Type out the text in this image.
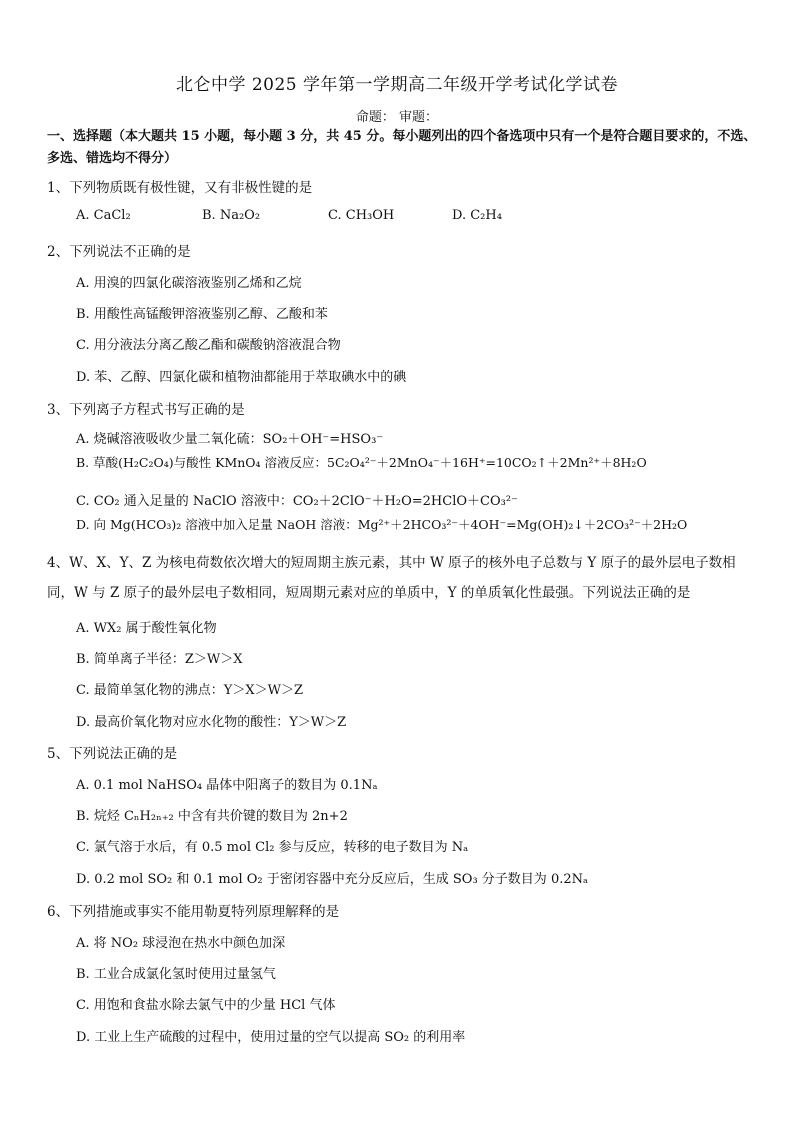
北仑中学 2025 学年第一学期高二年级开学考试化学试卷
命题： 审题：
一、选择题（本大题共 15 小题，每小题 3 分，共 45 分。每小题列出的四个备选项中只有一个是符合题目要求的，不选、多选、错选均不得分）
1、下列物质既有极性键，又有非极性键的是
A. CaCl₂	B. Na₂O₂	C. CH₃OH	D. C₂H₄
2、下列说法不正确的是
A. 用溴的四氯化碳溶液鉴别乙烯和乙烷
B. 用酸性高锰酸钾溶液鉴别乙醇、乙酸和苯
C. 用分液法分离乙酸乙酯和碳酸钠溶液混合物
D. 苯、乙醇、四氯化碳和植物油都能用于萃取碘水中的碘
3、下列离子方程式书写正确的是
A. 烧碱溶液吸收少量二氧化硫：SO₂＋OH⁻=HSO₃⁻
B. 草酸(H₂C₂O₄)与酸性 KMnO₄ 溶液反应：5C₂O₄²⁻＋2MnO₄⁻＋16H⁺=10CO₂↑＋2Mn²⁺＋8H₂O
C. CO₂ 通入足量的 NaClO 溶液中：CO₂＋2ClO⁻＋H₂O=2HClO＋CO₃²⁻
D. 向 Mg(HCO₃)₂ 溶液中加入足量 NaOH 溶液：Mg²⁺＋2HCO₃²⁻＋4OH⁻=Mg(OH)₂↓＋2CO₃²⁻＋2H₂O
4、W、X、Y、Z 为核电荷数依次增大的短周期主族元素，其中 W 原子的核外电子总数与 Y 原子的最外层电子数相同，W 与 Z 原子的最外层电子数相同，短周期元素对应的单质中，Y 的单质氧化性最强。下列说法正确的是
A. WX₂ 属于酸性氧化物
B. 简单离子半径：Z＞W＞X
C. 最简单氢化物的沸点：Y＞X＞W＞Z
D. 最高价氧化物对应水化物的酸性：Y＞W＞Z
5、下列说法正确的是
A. 0.1 mol NaHSO₄ 晶体中阳离子的数目为 0.1Nₐ
B. 烷烃 CₙH₂ₙ₊₂ 中含有共价键的数目为 2n+2
C. 氯气溶于水后，有 0.5 mol Cl₂ 参与反应，转移的电子数目为 Nₐ
D. 0.2 mol SO₂ 和 0.1 mol O₂ 于密闭容器中充分反应后，生成 SO₃ 分子数目为 0.2Nₐ
6、下列措施或事实不能用勒夏特列原理解释的是
A. 将 NO₂ 球浸泡在热水中颜色加深
B. 工业合成氯化氢时使用过量氢气
C. 用饱和食盐水除去氯气中的少量 HCl 气体
D. 工业上生产硫酸的过程中，使用过量的空气以提高 SO₂ 的利用率
